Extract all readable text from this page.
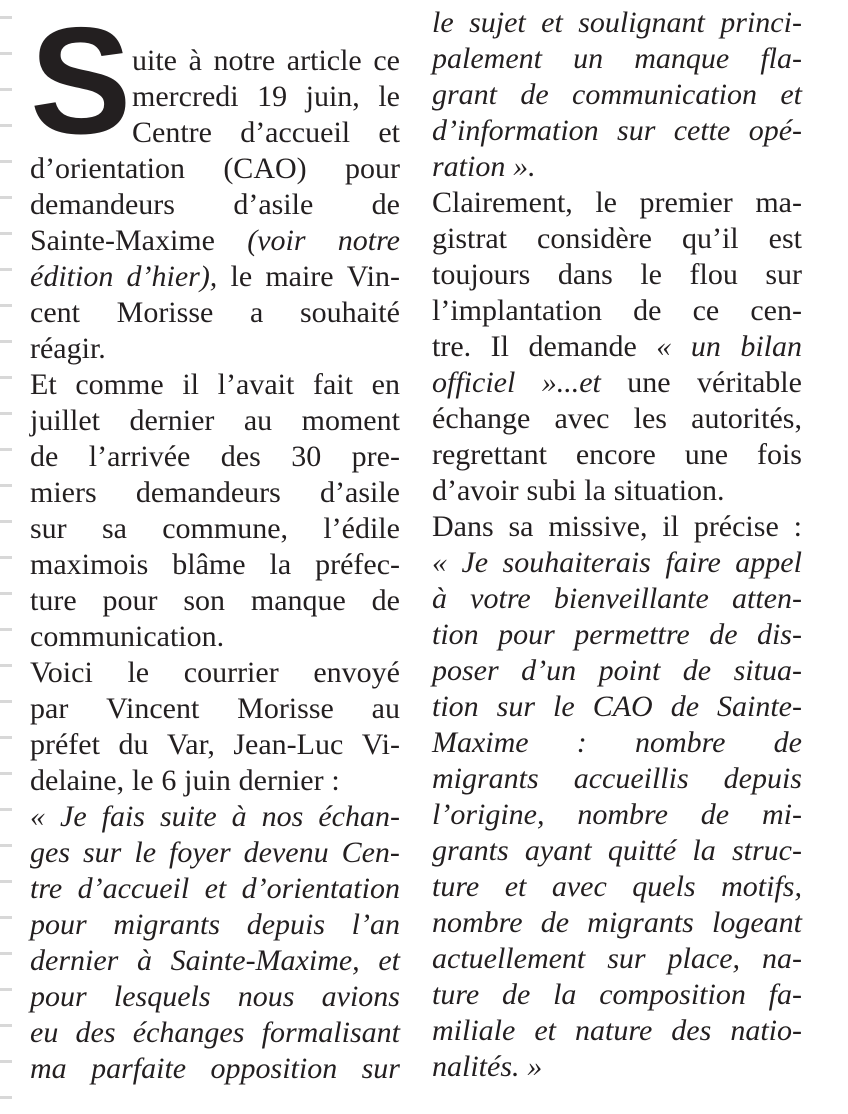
S uite à notre article ce
mercredi 19 juin, le
Centre d’accueil et
d’orientation (CAO) pour
demandeurs d’asile de
Sainte-Maxime (voir notre
édition d’hier), le maire Vin-
cent Morisse a souhaité
réagir.
Et comme il l’avait fait en
juillet dernier au moment
de l’arrivée des 30 pre-
miers demandeurs d’asile
sur sa commune, l’édile
maximois blâme la préfec-
ture pour son manque de
communication.
Voici le courrier envoyé
par Vincent Morisse au
préfet du Var, Jean-Luc Vi-
delaine, le 6 juin dernier :
« Je fais suite à nos échan-
ges sur le foyer devenu Cen-
tre d’accueil et d’orientation
pour migrants depuis l’an
dernier à Sainte-Maxime, et
pour lesquels nous avions
eu des échanges formalisant
ma parfaite opposition sur
le sujet et soulignant princi-
palement un manque fla-
grant de communication et
d’information sur cette opé-
ration ».
Clairement, le premier ma-
gistrat considère qu’il est
toujours dans le flou sur
l’implantation de ce cen-
tre. Il demande « un bilan
officiel »...et une véritable
échange avec les autorités,
regrettant encore une fois
d’avoir subi la situation.
Dans sa missive, il précise :
« Je souhaiterais faire appel
à votre bienveillante atten-
tion pour permettre de dis-
poser d’un point de situa-
tion sur le CAO de Sainte-
Maxime : nombre de
migrants accueillis depuis
l’origine, nombre de mi-
grants ayant quitté la struc-
ture et avec quels motifs,
nombre de migrants logeant
actuellement sur place, na-
ture de la composition fa-
miliale et nature des natio-
nalités. »
